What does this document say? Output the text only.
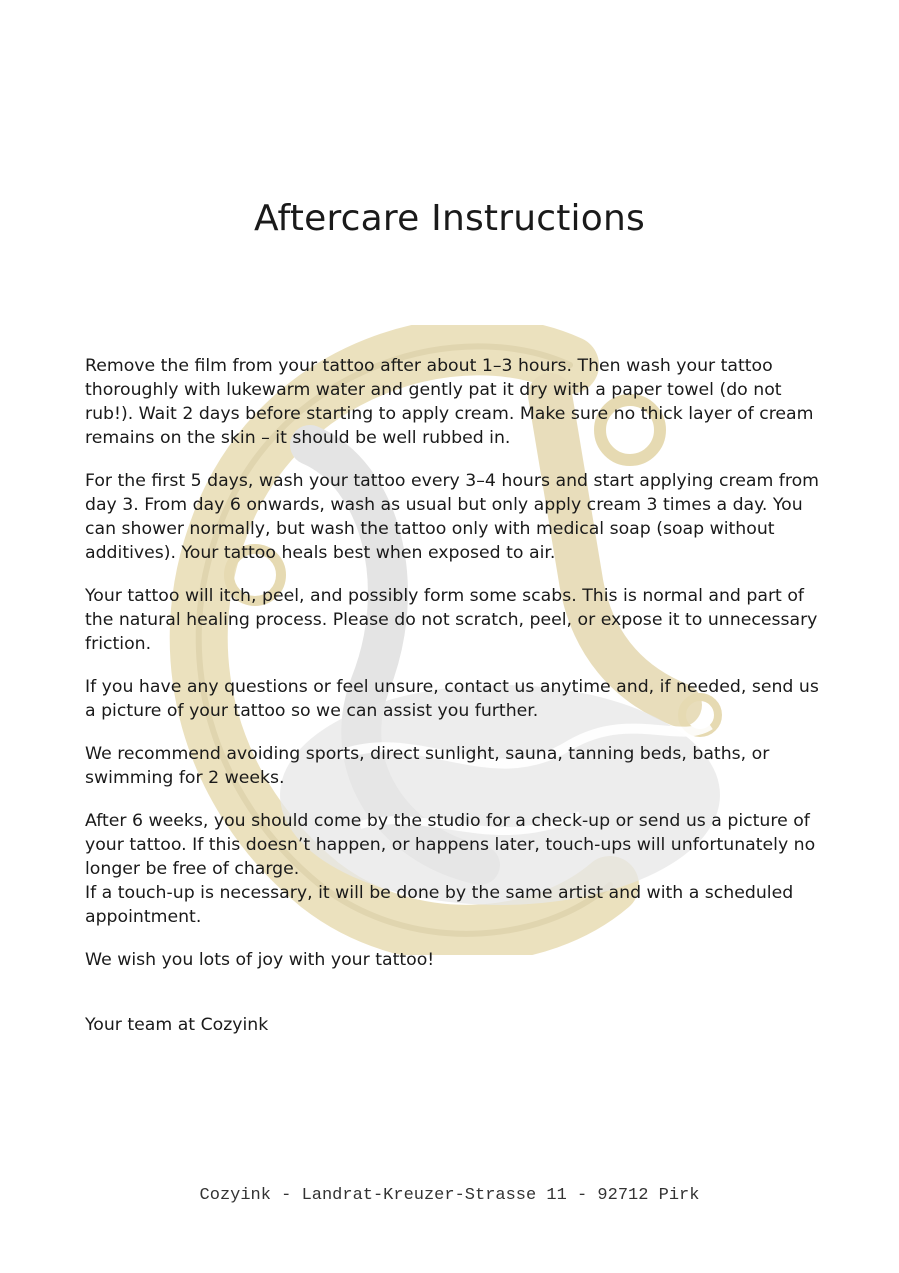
Aftercare Instructions

Remove the film from your tattoo after about 1–3 hours. Then wash your tattoo thoroughly with lukewarm water and gently pat it dry with a paper towel (do not rub!). Wait 2 days before starting to apply cream. Make sure no thick layer of cream remains on the skin – it should be well rubbed in.

For the first 5 days, wash your tattoo every 3–4 hours and start applying cream from day 3. From day 6 onwards, wash as usual but only apply cream 3 times a day. You can shower normally, but wash the tattoo only with medical soap (soap without additives). Your tattoo heals best when exposed to air.

Your tattoo will itch, peel, and possibly form some scabs. This is normal and part of the natural healing process. Please do not scratch, peel, or expose it to unnecessary friction.

If you have any questions or feel unsure, contact us anytime and, if needed, send us a picture of your tattoo so we can assist you further.

We recommend avoiding sports, direct sunlight, sauna, tanning beds, baths, or swimming for 2 weeks.

After 6 weeks, you should come by the studio for a check-up or send us a picture of your tattoo. If this doesn’t happen, or happens later, touch-ups will unfortunately no longer be free of charge.
If a touch-up is necessary, it will be done by the same artist and with a scheduled appointment.

We wish you lots of joy with your tattoo!

Your team at Cozyink
Cozyink - Landrat-Kreuzer-Strasse 11 - 92712 Pirk
